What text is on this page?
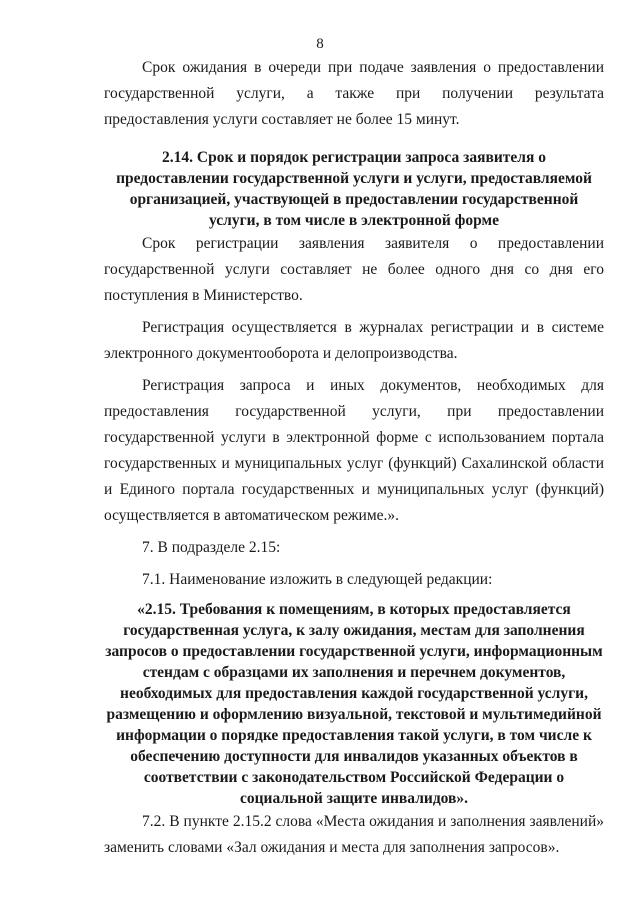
8

Срок ожидания в очереди при подаче заявления о предоставлении государственной услуги, а также при получении результата предоставления услуги составляет не более 15 минут.

2.14. Срок и порядок регистрации запроса заявителя о предоставлении государственной услуги и услуги, предоставляемой организацией, участвующей в предоставлении государственной услуги, в том числе в электронной форме

Срок регистрации заявления заявителя о предоставлении государственной услуги составляет не более одного дня со дня его поступления в Министерство.

Регистрация осуществляется в журналах регистрации и в системе электронного документооборота и делопроизводства.

Регистрация запроса и иных документов, необходимых для предоставления государственной услуги, при предоставлении государственной услуги в электронной форме с использованием портала государственных и муниципальных услуг (функций) Сахалинской области и Единого портала государственных и муниципальных услуг (функций) осуществляется в автоматическом режиме.».

7. В подразделе 2.15:

7.1. Наименование изложить в следующей редакции:

«2.15. Требования к помещениям, в которых предоставляется государственная услуга, к залу ожидания, местам для заполнения запросов о предоставлении государственной услуги, информационным стендам с образцами их заполнения и перечнем документов, необходимых для предоставления каждой государственной услуги, размещению и оформлению визуальной, текстовой и мультимедийной информации о порядке предоставления такой услуги, в том числе к обеспечению доступности для инвалидов указанных объектов в соответствии с законодательством Российской Федерации о социальной защите инвалидов».

7.2. В пункте 2.15.2 слова «Места ожидания и заполнения заявлений» заменить словами «Зал ожидания и места для заполнения запросов».
